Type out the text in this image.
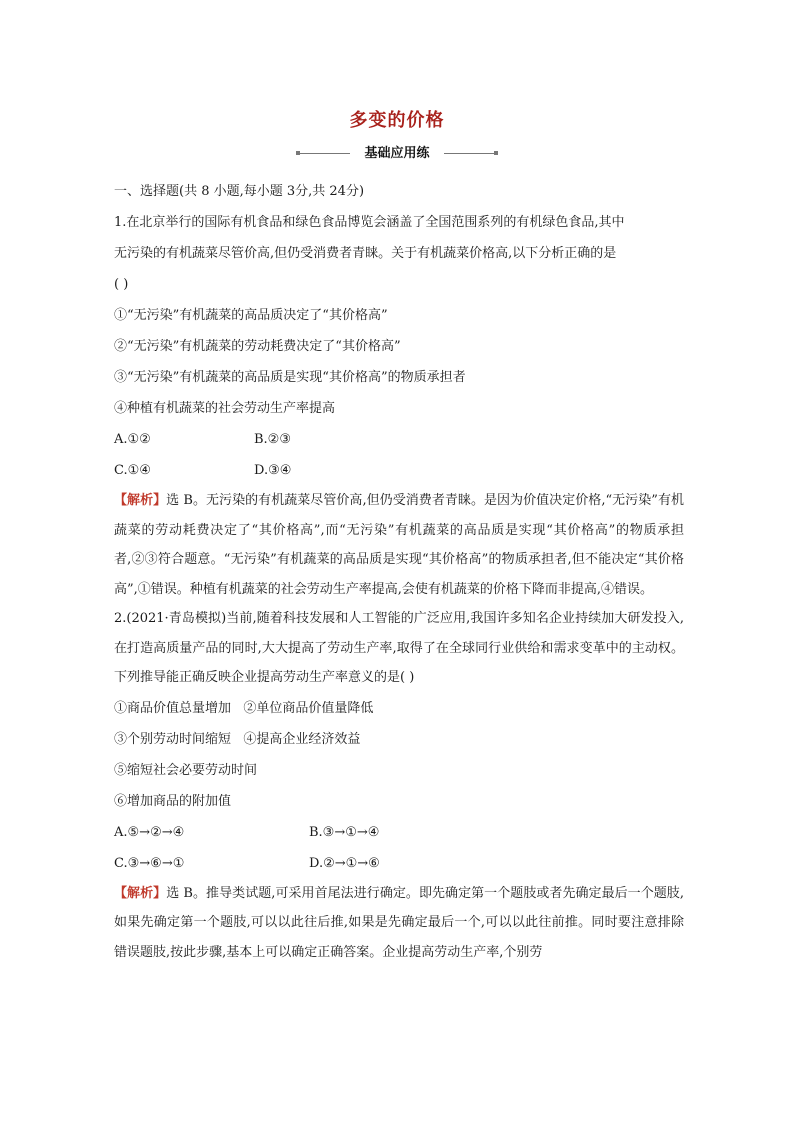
多变的价格
基础应用练
一、选择题(共 8 小题,每小题 3分,共 24分)
1.在北京举行的国际有机食品和绿色食品博览会涵盖了全国范围系列的有机绿色食品,其中
无污染的有机蔬菜尽管价高,但仍受消费者青睐。关于有机蔬菜价格高,以下分析正确的是
( )
①“无污染”有机蔬菜的高品质决定了“其价格高”
②“无污染”有机蔬菜的劳动耗费决定了“其价格高”
③“无污染”有机蔬菜的高品质是实现“其价格高”的物质承担者
④种植有机蔬菜的社会劳动生产率提高
A.①②	B.②③
C.①④	D.③④
【解析】选 B。无污染的有机蔬菜尽管价高,但仍受消费者青睐。是因为价值决定价格,“无污染”有机蔬菜的劳动耗费决定了“其价格高”,而“无污染”有机蔬菜的高品质是实现“其价格高”的物质承担者,②③符合题意。“无污染”有机蔬菜的高品质是实现“其价格高”的物质承担者,但不能决定“其价格高”,①错误。种植有机蔬菜的社会劳动生产率提高,会使有机蔬菜的价格下降而非提高,④错误。
2.(2021·青岛模拟)当前,随着科技发展和人工智能的广泛应用,我国许多知名企业持续加大研发投入,在打造高质量产品的同时,大大提高了劳动生产率,取得了在全球同行业供给和需求变革中的主动权。下列推导能正确反映企业提高劳动生产率意义的是( )
①商品价值总量增加   ②单位商品价值量降低
③个别劳动时间缩短   ④提高企业经济效益
⑤缩短社会必要劳动时间
⑥增加商品的附加值
A.⑤→②→④	B.③→①→④
C.③→⑥→①	D.②→①→⑥
【解析】选 B。推导类试题,可采用首尾法进行确定。即先确定第一个题肢或者先确定最后一个题肢,如果先确定第一个题肢,可以以此往后推,如果是先确定最后一个,可以以此往前推。同时要注意排除错误题肢,按此步骤,基本上可以确定正确答案。企业提高劳动生产率,个别劳
